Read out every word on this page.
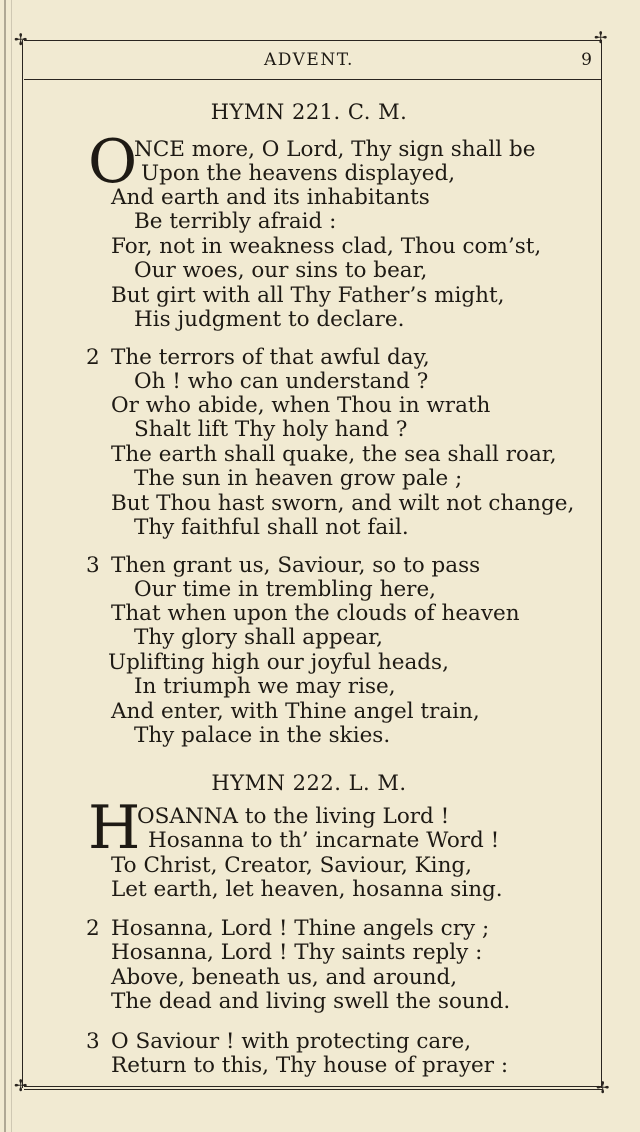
✢	✢
✢	✢
ADVENT.	9
HYMN 221. C. M.
O
NCE more, O Lord, Thy sign shall be
Upon the heavens displayed,
And earth and its inhabitants
Be terribly afraid :
For, not in weakness clad, Thou com’st,
Our woes, our sins to bear,
But girt with all Thy Father’s might,
His judgment to declare.
2 The terrors of that awful day,
Oh ! who can understand ?
Or who abide, when Thou in wrath
Shalt lift Thy holy hand ?
The earth shall quake, the sea shall roar,
The sun in heaven grow pale ;
But Thou hast sworn, and wilt not change,
Thy faithful shall not fail.
3 Then grant us, Saviour, so to pass
Our time in trembling here,
That when upon the clouds of heaven
Thy glory shall appear,
Uplifting high our joyful heads,
In triumph we may rise,
And enter, with Thine angel train,
Thy palace in the skies.
HYMN 222. L. M.
H
OSANNA to the living Lord !
Hosanna to th’ incarnate Word !
To Christ, Creator, Saviour, King,
Let earth, let heaven, hosanna sing.
2 Hosanna, Lord ! Thine angels cry ;
Hosanna, Lord ! Thy saints reply :
Above, beneath us, and around,
The dead and living swell the sound.
3 O Saviour ! with protecting care,
Return to this, Thy house of prayer :
